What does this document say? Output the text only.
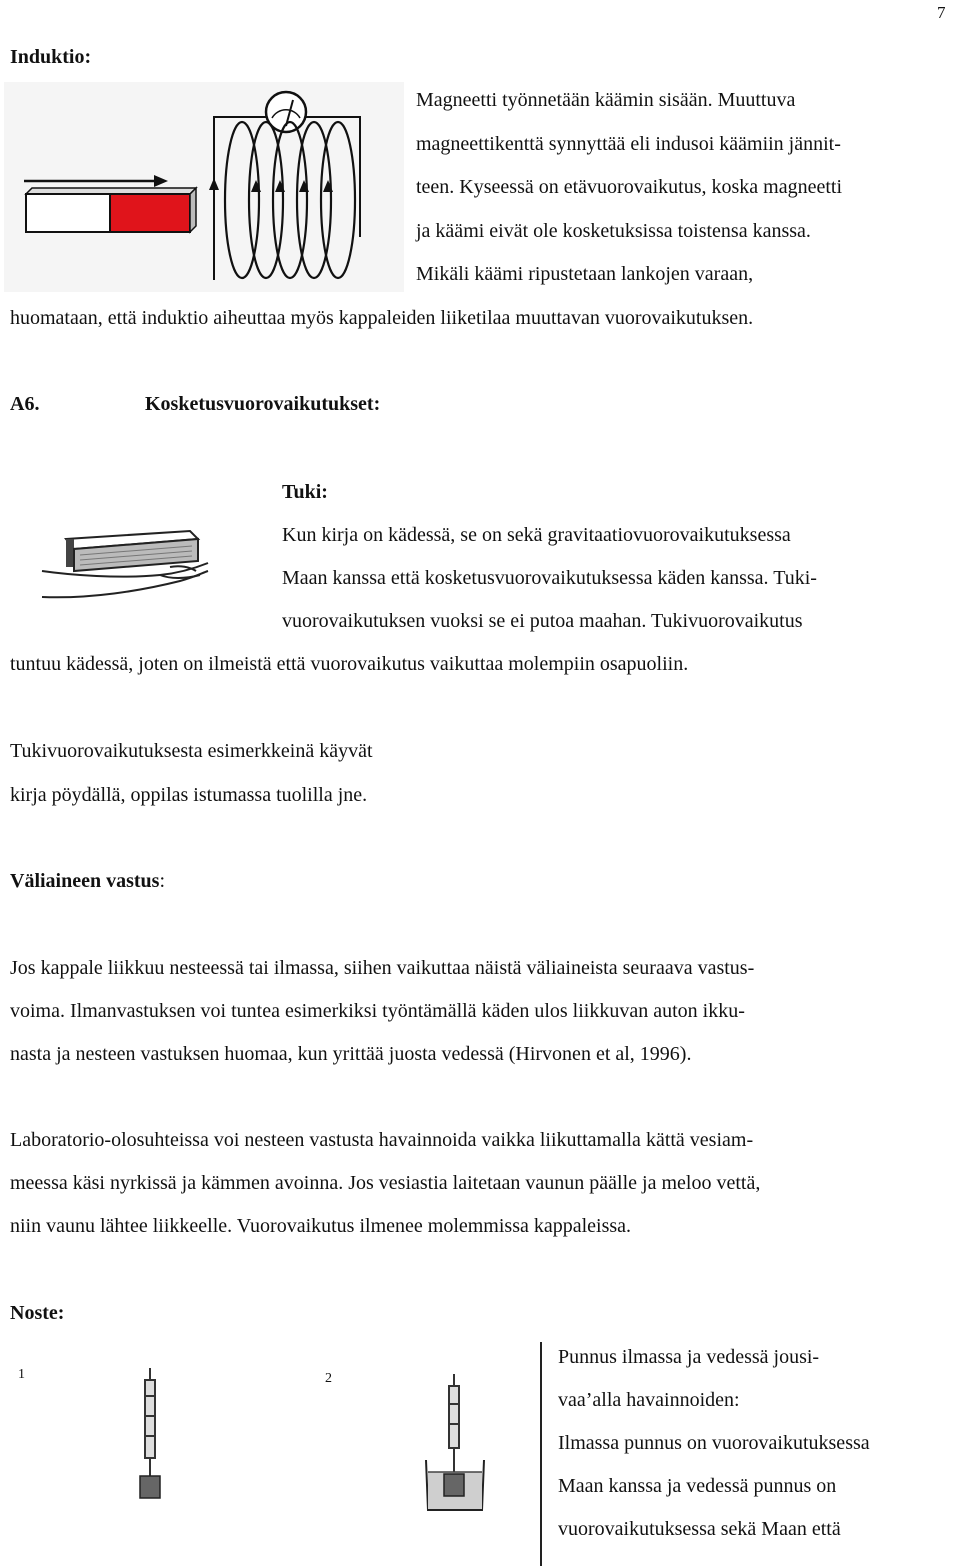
7
Induktio:
Magneetti työnnetään käämin sisään. Muuttuva
magneettikenttä synnyttää eli indusoi käämiin jännit-
teen. Kyseessä on etävuorovaikutus, koska magneetti
ja käämi eivät ole kosketuksissa toistensa kanssa.
Mikäli käämi ripustetaan lankojen varaan,
huomataan, että induktio aiheuttaa myös kappaleiden liiketilaa muuttavan vuorovaikutuksen.
A6.	Kosketusvuorovaikutukset:
Tuki:
Kun kirja on kädessä, se on sekä gravitaatiovuorovaikutuksessa
Maan kanssa että kosketusvuorovaikutuksessa käden kanssa. Tuki-
vuorovaikutuksen vuoksi se ei putoa maahan. Tukivuorovaikutus
tuntuu kädessä, joten on ilmeistä että vuorovaikutus vaikuttaa molempiin osapuoliin.
Tukivuorovaikutuksesta esimerkkeinä käyvät
kirja pöydällä, oppilas istumassa tuolilla jne.
Väliaineen vastus:
Jos kappale liikkuu nesteessä tai ilmassa, siihen vaikuttaa näistä väliaineista seuraava vastus-
voima. Ilmanvastuksen voi tuntea esimerkiksi työntämällä käden ulos liikkuvan auton ikku-
nasta ja nesteen vastuksen huomaa, kun yrittää juosta vedessä (Hirvonen et al, 1996).
Laboratorio-olosuhteissa voi nesteen vastusta havainnoida vaikka liikuttamalla kättä vesiam-
meessa käsi nyrkissä ja kämmen avoinna. Jos vesiastia laitetaan vaunun päälle ja meloo vettä,
niin vaunu lähtee liikkeelle. Vuorovaikutus ilmenee molemmissa kappaleissa.
Noste:
1	2
Punnus ilmassa ja vedessä jousi-
vaa’alla havainnoiden:
Ilmassa punnus on vuorovaikutuksessa
Maan kanssa ja vedessä punnus on
vuorovaikutuksessa sekä Maan että
